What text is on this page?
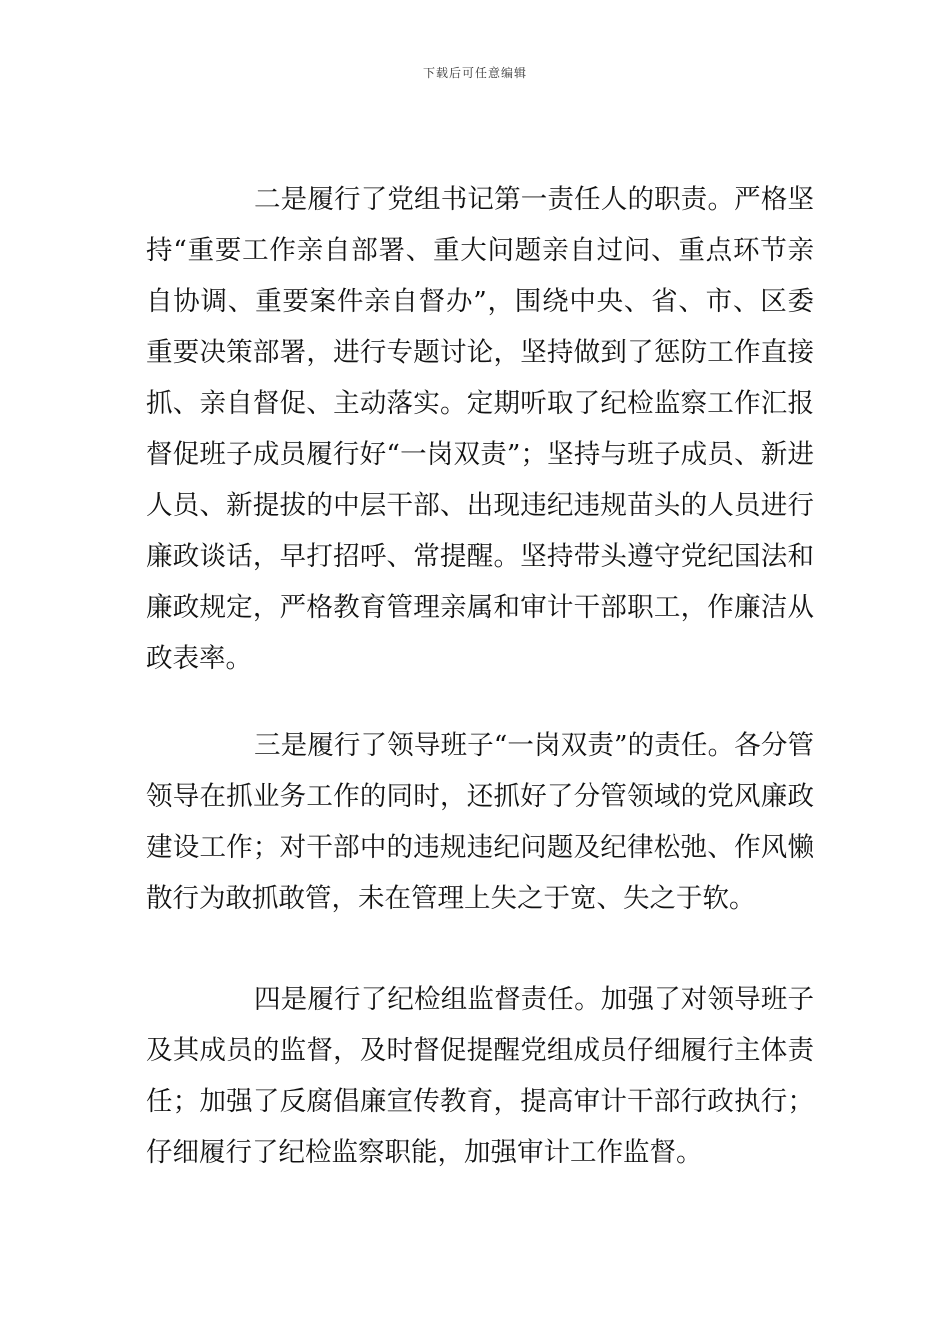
下载后可任意编辑

二是履行了党组书记第一责任人的职责。严格坚持“重要工作亲自部署、重大问题亲自过问、重点环节亲自协调、重要案件亲自督办”，围绕中央、省、市、区委重要决策部署，进行专题讨论，坚持做到了惩防工作直接抓、亲自督促、主动落实。定期听取了纪检监察工作汇报督促班子成员履行好“一岗双责”；坚持与班子成员、新进人员、新提拔的中层干部、出现违纪违规苗头的人员进行廉政谈话，早打招呼、常提醒。坚持带头遵守党纪国法和廉政规定，严格教育管理亲属和审计干部职工，作廉洁从政表率。

三是履行了领导班子“一岗双责”的责任。各分管领导在抓业务工作的同时，还抓好了分管领域的党风廉政建设工作；对干部中的违规违纪问题及纪律松弛、作风懒散行为敢抓敢管，未在管理上失之于宽、失之于软。

四是履行了纪检组监督责任。加强了对领导班子及其成员的监督，及时督促提醒党组成员仔细履行主体责任；加强了反腐倡廉宣传教育，提高审计干部行政执行；仔细履行了纪检监察职能，加强审计工作监督。
